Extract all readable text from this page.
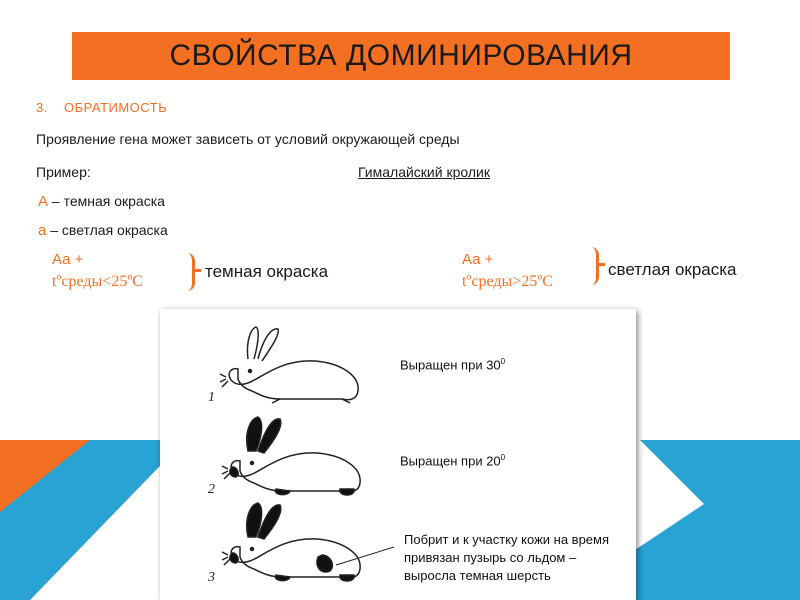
СВОЙСТВА ДОМИНИРОВАНИЯ
3. ОБРАТИМОСТЬ
Проявление гена может зависеть от условий окружающей среды
Пример:	Гималайский кролик
А – темная окраска
а – светлая окраска
Аа +
tºсреды<25ºC
темная окраска
Аа +
tºсреды>25ºC
светлая окраска
1
2
3
Выращен при $30^0$
Выращен при $20^0$
Побрит и к участку кожи на время
привязан пузырь со льдом –
выросла темная шерсть
